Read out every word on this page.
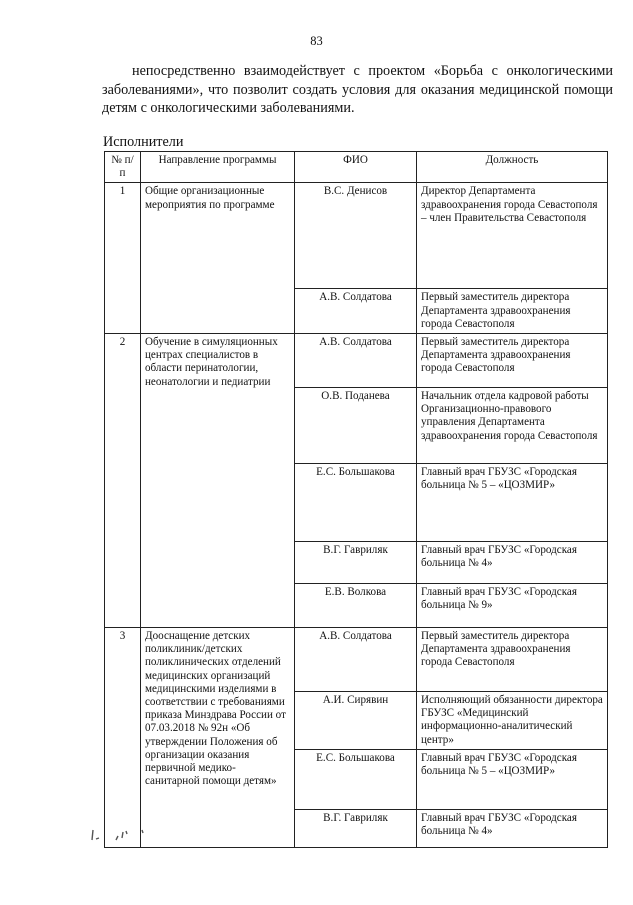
83

непосредственно взаимодействует с проектом «Борьба с онкологическими заболеваниями», что позволит создать условия для оказания медицинской помощи детям с онкологическими заболеваниями.

Исполнители
№ п/п	Направление программы	ФИО	Должность
1	Общие организационные мероприятия по программе	В.С. Денисов	Директор Департамента здравоохранения города Севастополя – член Правительства Севастополя
		А.В. Солдатова	Первый заместитель директора Департамента здравоохранения города Севастополя
2	Обучение в симуляционных центрах специалистов в области перинатологии, неонатологии и педиатрии	А.В. Солдатова	Первый заместитель директора Департамента здравоохранения города Севастополя
		О.В. Поданева	Начальник отдела кадровой работы Организационно-правового управления Департамента здравоохранения города Севастополя
		Е.С. Большакова	Главный врач ГБУЗС «Городская больница № 5 – «ЦОЗМИР»
		В.Г. Гавриляк	Главный врач ГБУЗС «Городская больница № 4»
		Е.В. Волкова	Главный врач ГБУЗС «Городская больница № 9»
3	Дооснащение детских поликлиник/детских поликлинических отделений медицинских организаций медицинскими изделиями в соответствии с требованиями приказа Минздрава России от 07.03.2018 № 92н «Об утверждении Положения об организации оказания первичной медико-санитарной помощи детям»	А.В. Солдатова	Первый заместитель директора Департамента здравоохранения города Севастополя
		А.И. Сирявин	Исполняющий обязанности директора ГБУЗС «Медицинский информационно-аналитический центр»
		Е.С. Большакова	Главный врач ГБУЗС «Городская больница № 5 – «ЦОЗМИР»
		В.Г. Гавриляк	Главный врач ГБУЗС «Городская больница № 4»
